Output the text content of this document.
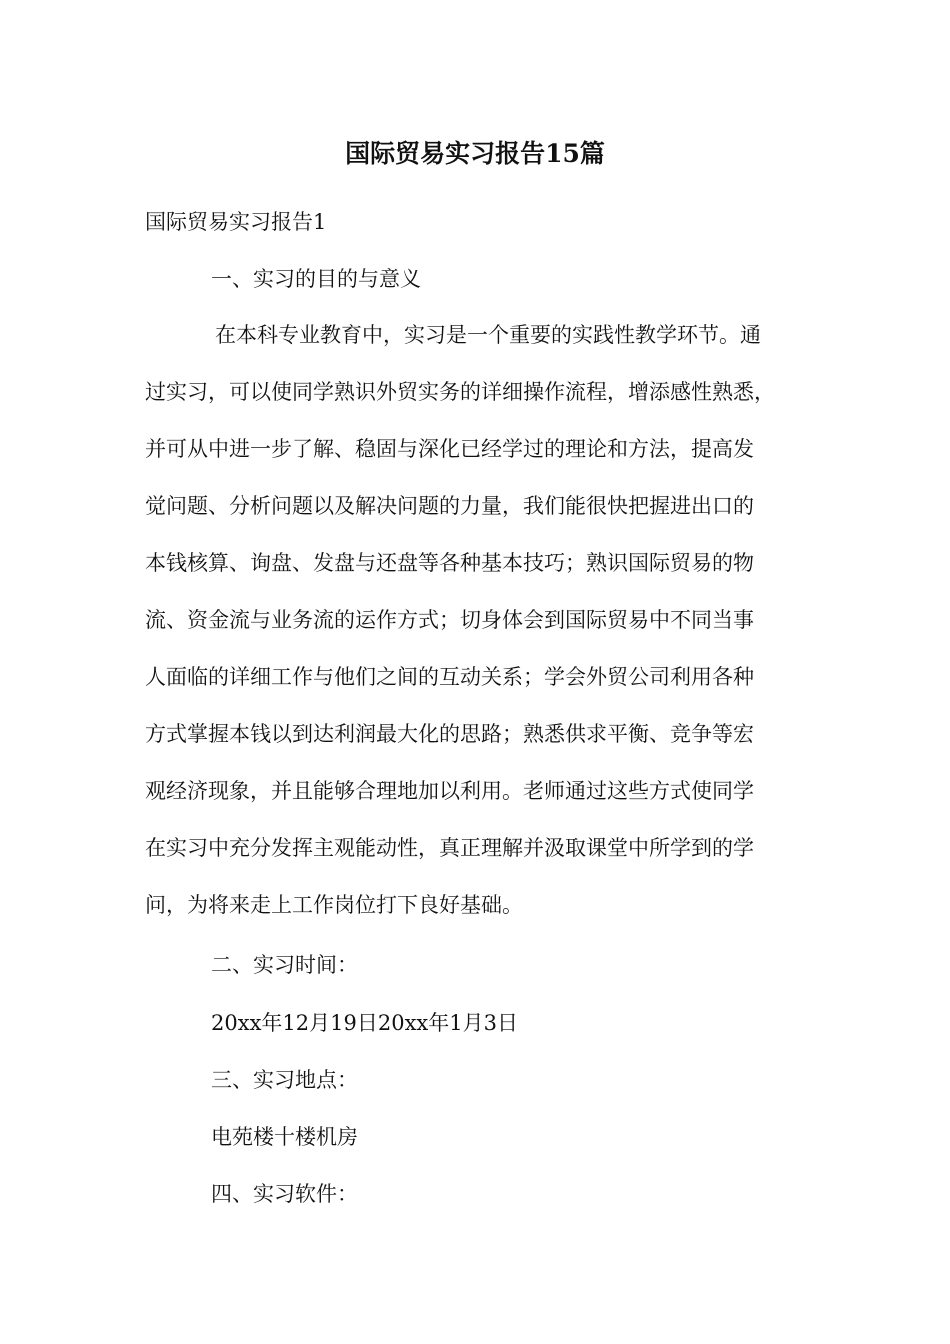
国际贸易实习报告15篇
国际贸易实习报告1
一、实习的目的与意义
在本科专业教育中，实习是一个重要的实践性教学环节。通
过实习，可以使同学熟识外贸实务的详细操作流程，增添感性熟悉，
并可从中进一步了解、稳固与深化已经学过的理论和方法，提高发
觉问题、分析问题以及解决问题的力量，我们能很快把握进出口的
本钱核算、询盘、发盘与还盘等各种基本技巧；熟识国际贸易的物
流、资金流与业务流的运作方式；切身体会到国际贸易中不同当事
人面临的详细工作与他们之间的互动关系；学会外贸公司利用各种
方式掌握本钱以到达利润最大化的思路；熟悉供求平衡、竞争等宏
观经济现象，并且能够合理地加以利用。老师通过这些方式使同学
在实习中充分发挥主观能动性，真正理解并汲取课堂中所学到的学
问，为将来走上工作岗位打下良好基础。
二、实习时间：
20xx年12月19日20xx年1月3日
三、实习地点：
电苑楼十楼机房
四、实习软件：
